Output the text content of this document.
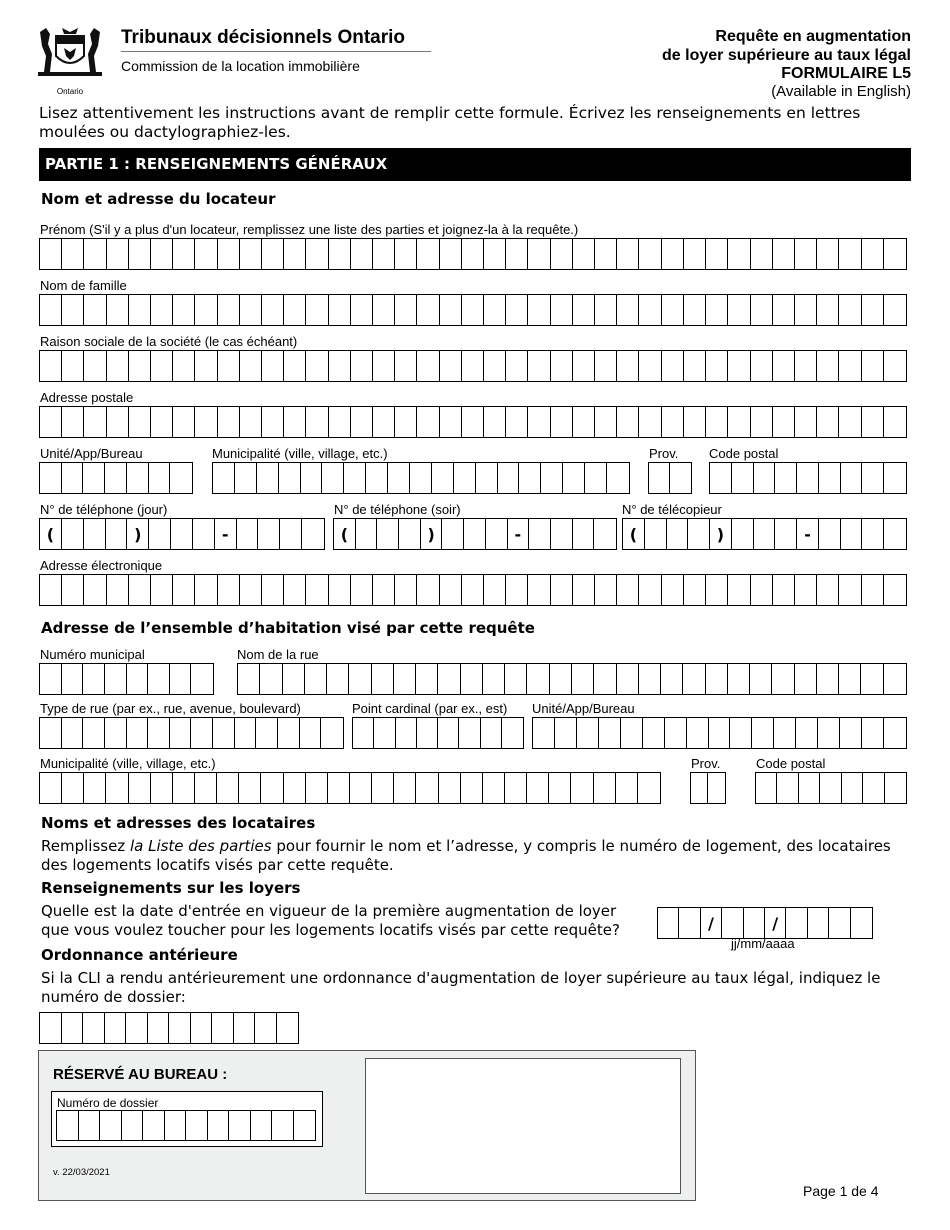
Ontario
Tribunaux décisionnels Ontario
Commission de la location immobilière
Requête en augmentation
de loyer supérieure au taux légal
FORMULAIRE L5
(Available in English)
Lisez attentivement les instructions avant de remplir cette formule. Écrivez les renseignements en lettres moulées ou dactylographiez-les.
PARTIE 1 : RENSEIGNEMENTS GÉNÉRAUX
Nom et adresse du locateur
Prénom (S'il y a plus d'un locateur, remplissez une liste des parties et joignez-la à la requête.)
Nom de famille
Raison sociale de la société (le cas échéant)
Adresse postale
Unité/App/Bureau	Municipalité (ville, village, etc.)	Prov. Code postal
N° de téléphone (jour)	N° de téléphone (soir)	N° de télécopieur
(	)	-	(	)	-	(	)	-
Adresse électronique
Adresse de l’ensemble d’habitation visé par cette requête
Numéro municipal	Nom de la rue
Type de rue (par ex., rue, avenue, boulevard)	Point cardinal (par ex., est) Unité/App/Bureau
Municipalité (ville, village, etc.)	Prov.	Code postal
Noms et adresses des locataires
Remplissez la Liste des parties pour fournir le nom et l’adresse, y compris le numéro de logement, des locataires des logements locatifs visés par cette requête.
Renseignements sur les loyers
Quelle est la date d'entrée en vigueur de la première augmentation de loyer que vous voulez toucher pour les logements locatifs visés par cette requête?	/	/
jj/mm/aaaa
Ordonnance antérieure
Si la CLI a rendu antérieurement une ordonnance d'augmentation de loyer supérieure au taux légal, indiquez le numéro de dossier:
RÉSERVÉ AU BUREAU :
Numéro de dossier
v. 22/03/2021
Page 1 de 4
